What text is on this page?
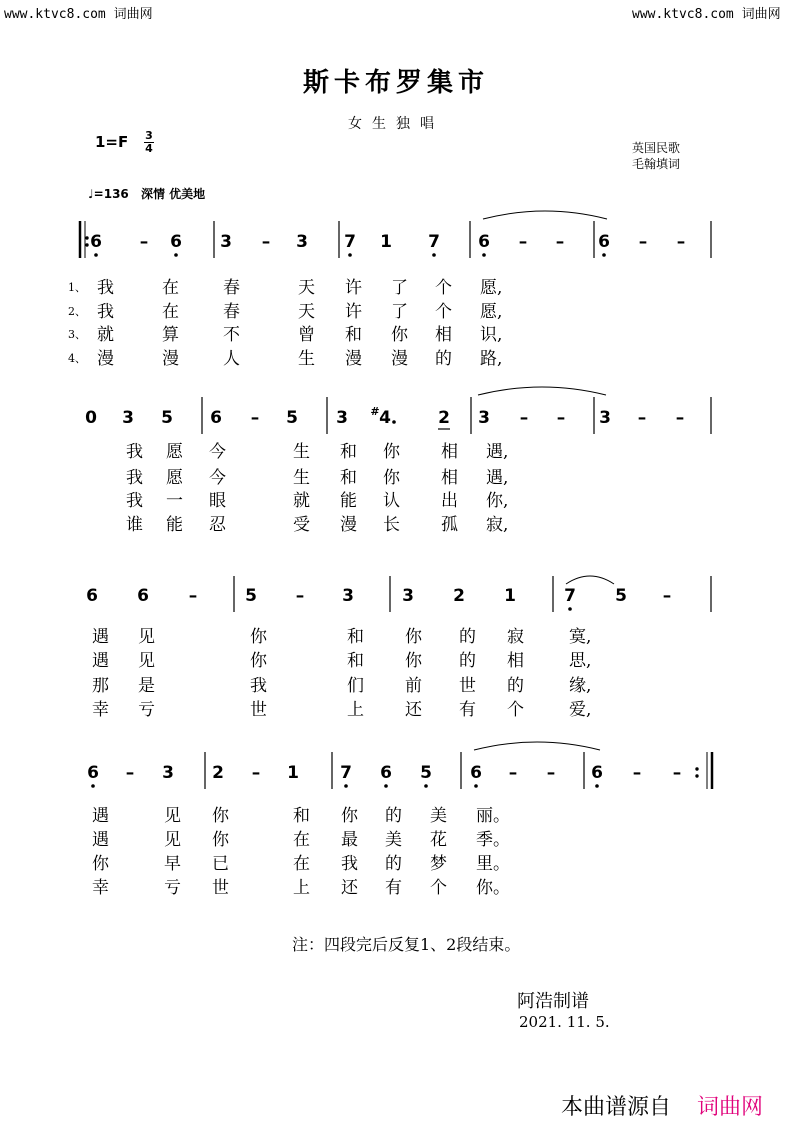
www.ktvc8.com 词曲网	www.ktvc8.com 词曲网
斯卡布罗集市
女生独唱
1=F 3
4	英国民歌
毛翰填词
♩=136 深情 优美地
6 – 6 3 – 3 7 1 7 6 – – 6 – –
1、 我	在	春	天 许 了 个 愿,
2、 我	在	春	天 许 了 个 愿,
3、 就	算	不	曾 和 你 相 识,
4、 漫	漫	人	生 漫 漫 的 路,
0 3 5 6 – 5 3 4
#	2 3 – – 3 – –
我 愿 今	生 和 你 相 遇,
我 愿 今	生 和 你 相 遇,
我 一 眼	就 能 认 出 你,
谁 能 忍	受 漫 长 孤 寂,
6 6 –	5 – 3	3 2 1	7 5 –
遇 见	你	和 你 的 寂	寞,
遇 见	你	和 你 的 相	思,
那 是	我	们 前 世 的	缘,
幸 亏	世	上 还 有 个	爱,
6 – 3 2 – 1 7 6 5 6 – – 6 – –
遇	见 你	和 你 的 美 丽。
遇	见 你	在 最 美 花 季。
你	早 已	在 我 的 梦 里。
幸	亏 世	上 还 有 个 你。
注：四段完后反复1、2段结束。
阿浩制谱
2021. 11. 5.
本曲谱源自 词曲网
